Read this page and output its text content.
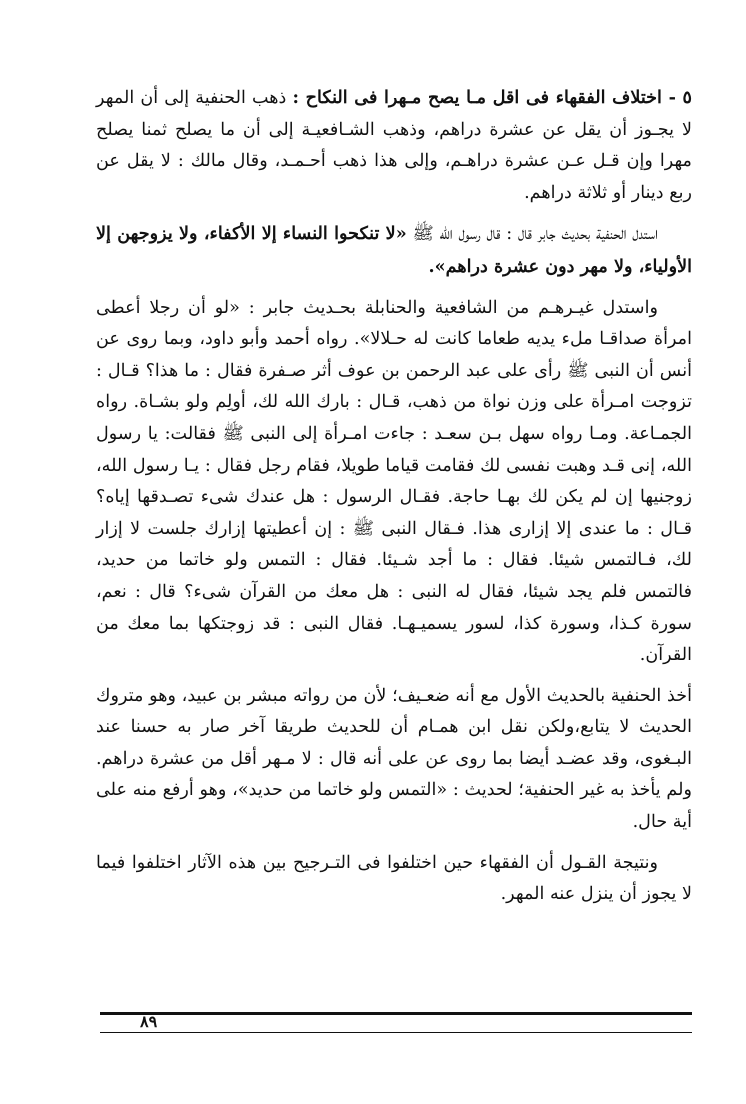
٥ - اختلاف الفقهاء فى اقل مـا يصح مـهرا فى النكاح : ذهب الحنفية إلى أن المهر لا يجـوز أن يقل عن عشرة دراهم، وذهب الشـافعيـة إلى أن ما يصلح ثمنا يصلح مهرا وإن قـل عـن عشرة دراهـم، وإلى هذا ذهب أحـمـد، وقال مالك : لا يقل عن ربع دينار أو ثلاثة دراهم.

استدل الحنفية بحديث جابر قال : قال رسول الله ﷺ «لا تنكحوا النساء إلا الأكفاء، ولا يزوجهن إلا الأولياء، ولا مهر دون عشرة دراهم».

واستدل غيـرهـم من الشافعية والحنابلة بحـديث جابر : «لو أن رجلا أعطى امرأة صداقـا ملء يديه طعاما كانت له حـلالا». رواه أحمد وأبو داود، وبما روى عن أنس أن النبى ﷺ رأى على عبد الرحمن بن عوف أثر صـفرة فقال : ما هذا؟ قـال : تزوجت امـرأة على وزن نواة من ذهب، قـال : بارك الله لك، أولِم ولو بشـاة. رواه الجمـاعة. ومـا رواه سهل بـن سعـد : جاءت امـرأة إلى النبى ﷺ فقالت: يا رسول الله، إنى قـد وهبت نفسى لك فقامت قياما طويلا، فقام رجل فقال : يـا رسول الله، زوجنيها إن لم يكن لك بهـا حاجة. فقـال الرسول : هل عندك شىء تصـدقها إياه؟ قـال : ما عندى إلا إزارى هذا. فـقال النبى ﷺ : إن أعطيتها إزارك جلست لا إزار لك، فـالتمس شيئا. فقال : ما أجد شـيئا. فقال : التمس ولو خاتما من حديد، فالتمس فلم يجد شيئا، فقال له النبى : هل معك من القرآن شىء؟ قال : نعم، سورة كـذا، وسورة كذا، لسور يسميـهـا. فقال النبى : قد زوجتكها بما معك من القرآن.

أخذ الحنفية بالحديث الأول مع أنه ضعـيف؛ لأن من رواته مبشر بن عبيد، وهو متروك الحديث لا يتابع،ولكن نقل ابن همـام أن للحديث طريقا آخر صار به حسنا عند البـغوى، وقد عضـد أيضا بما روى عن على أنه قال : لا مـهر أقل من عشرة دراهم. ولم يأخذ به غير الحنفية؛ لحديث : «التمس ولو خاتما من حديد»، وهو أرفع منه على أية حال.

ونتيجة القـول أن الفقهاء حين اختلفوا فى التـرجيح بين هذه الآثار اختلفوا فيما لا يجوز أن ينزل عنه المهر.

٨٩
